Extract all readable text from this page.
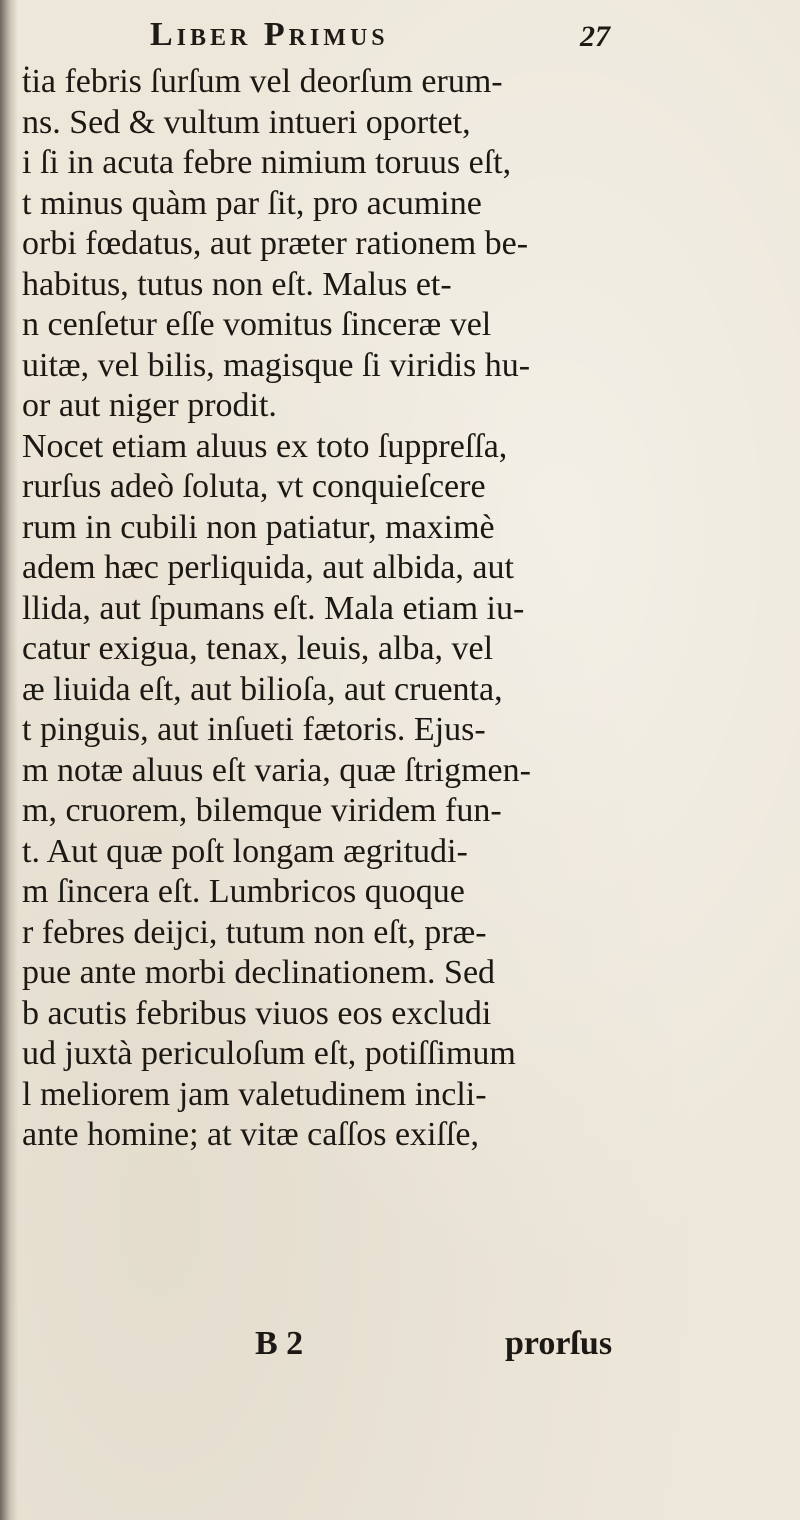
Liber Primus	27
ṫia febris ſurſum vel deorſum erum-
ns. Sed & vultum intueri oportet,
i ſi in acuta febre nimium toruus eſt,
t minus quàm par ſit, pro acumine
orbi fœdatus, aut præter rationem be-
habitus, tutus non eſt. Malus et-
n cenſetur eſſe vomitus ſinceræ vel
uitæ, vel bilis, magisque ſi viridis hu-
or aut niger prodit.
Nocet etiam aluus ex toto ſuppreſſa,
rurſus adeò ſoluta, vt conquieſcere
rum in cubili non patiatur, maximè
adem hæc perliquida, aut albida, aut
llida, aut ſpumans eſt. Mala etiam iu-
catur exigua, tenax, leuis, alba, vel
æ liuida eſt, aut bilioſa, aut cruenta,
t pinguis, aut inſueti fætoris. Ejus-
m notæ aluus eſt varia, quæ ſtrigmen-
m, cruorem, bilemque viridem fun-
t. Aut quæ poſt longam ægritudi-
m ſincera eſt. Lumbricos quoque
r febres deijci, tutum non eſt, præ-
pue ante morbi declinationem. Sed
b acutis febribus viuos eos excludi
ud juxtà periculoſum eſt, potiſſimum
l meliorem jam valetudinem incli-
ante homine; at vitæ caſſos exiſſe,
B 2	prorſus
